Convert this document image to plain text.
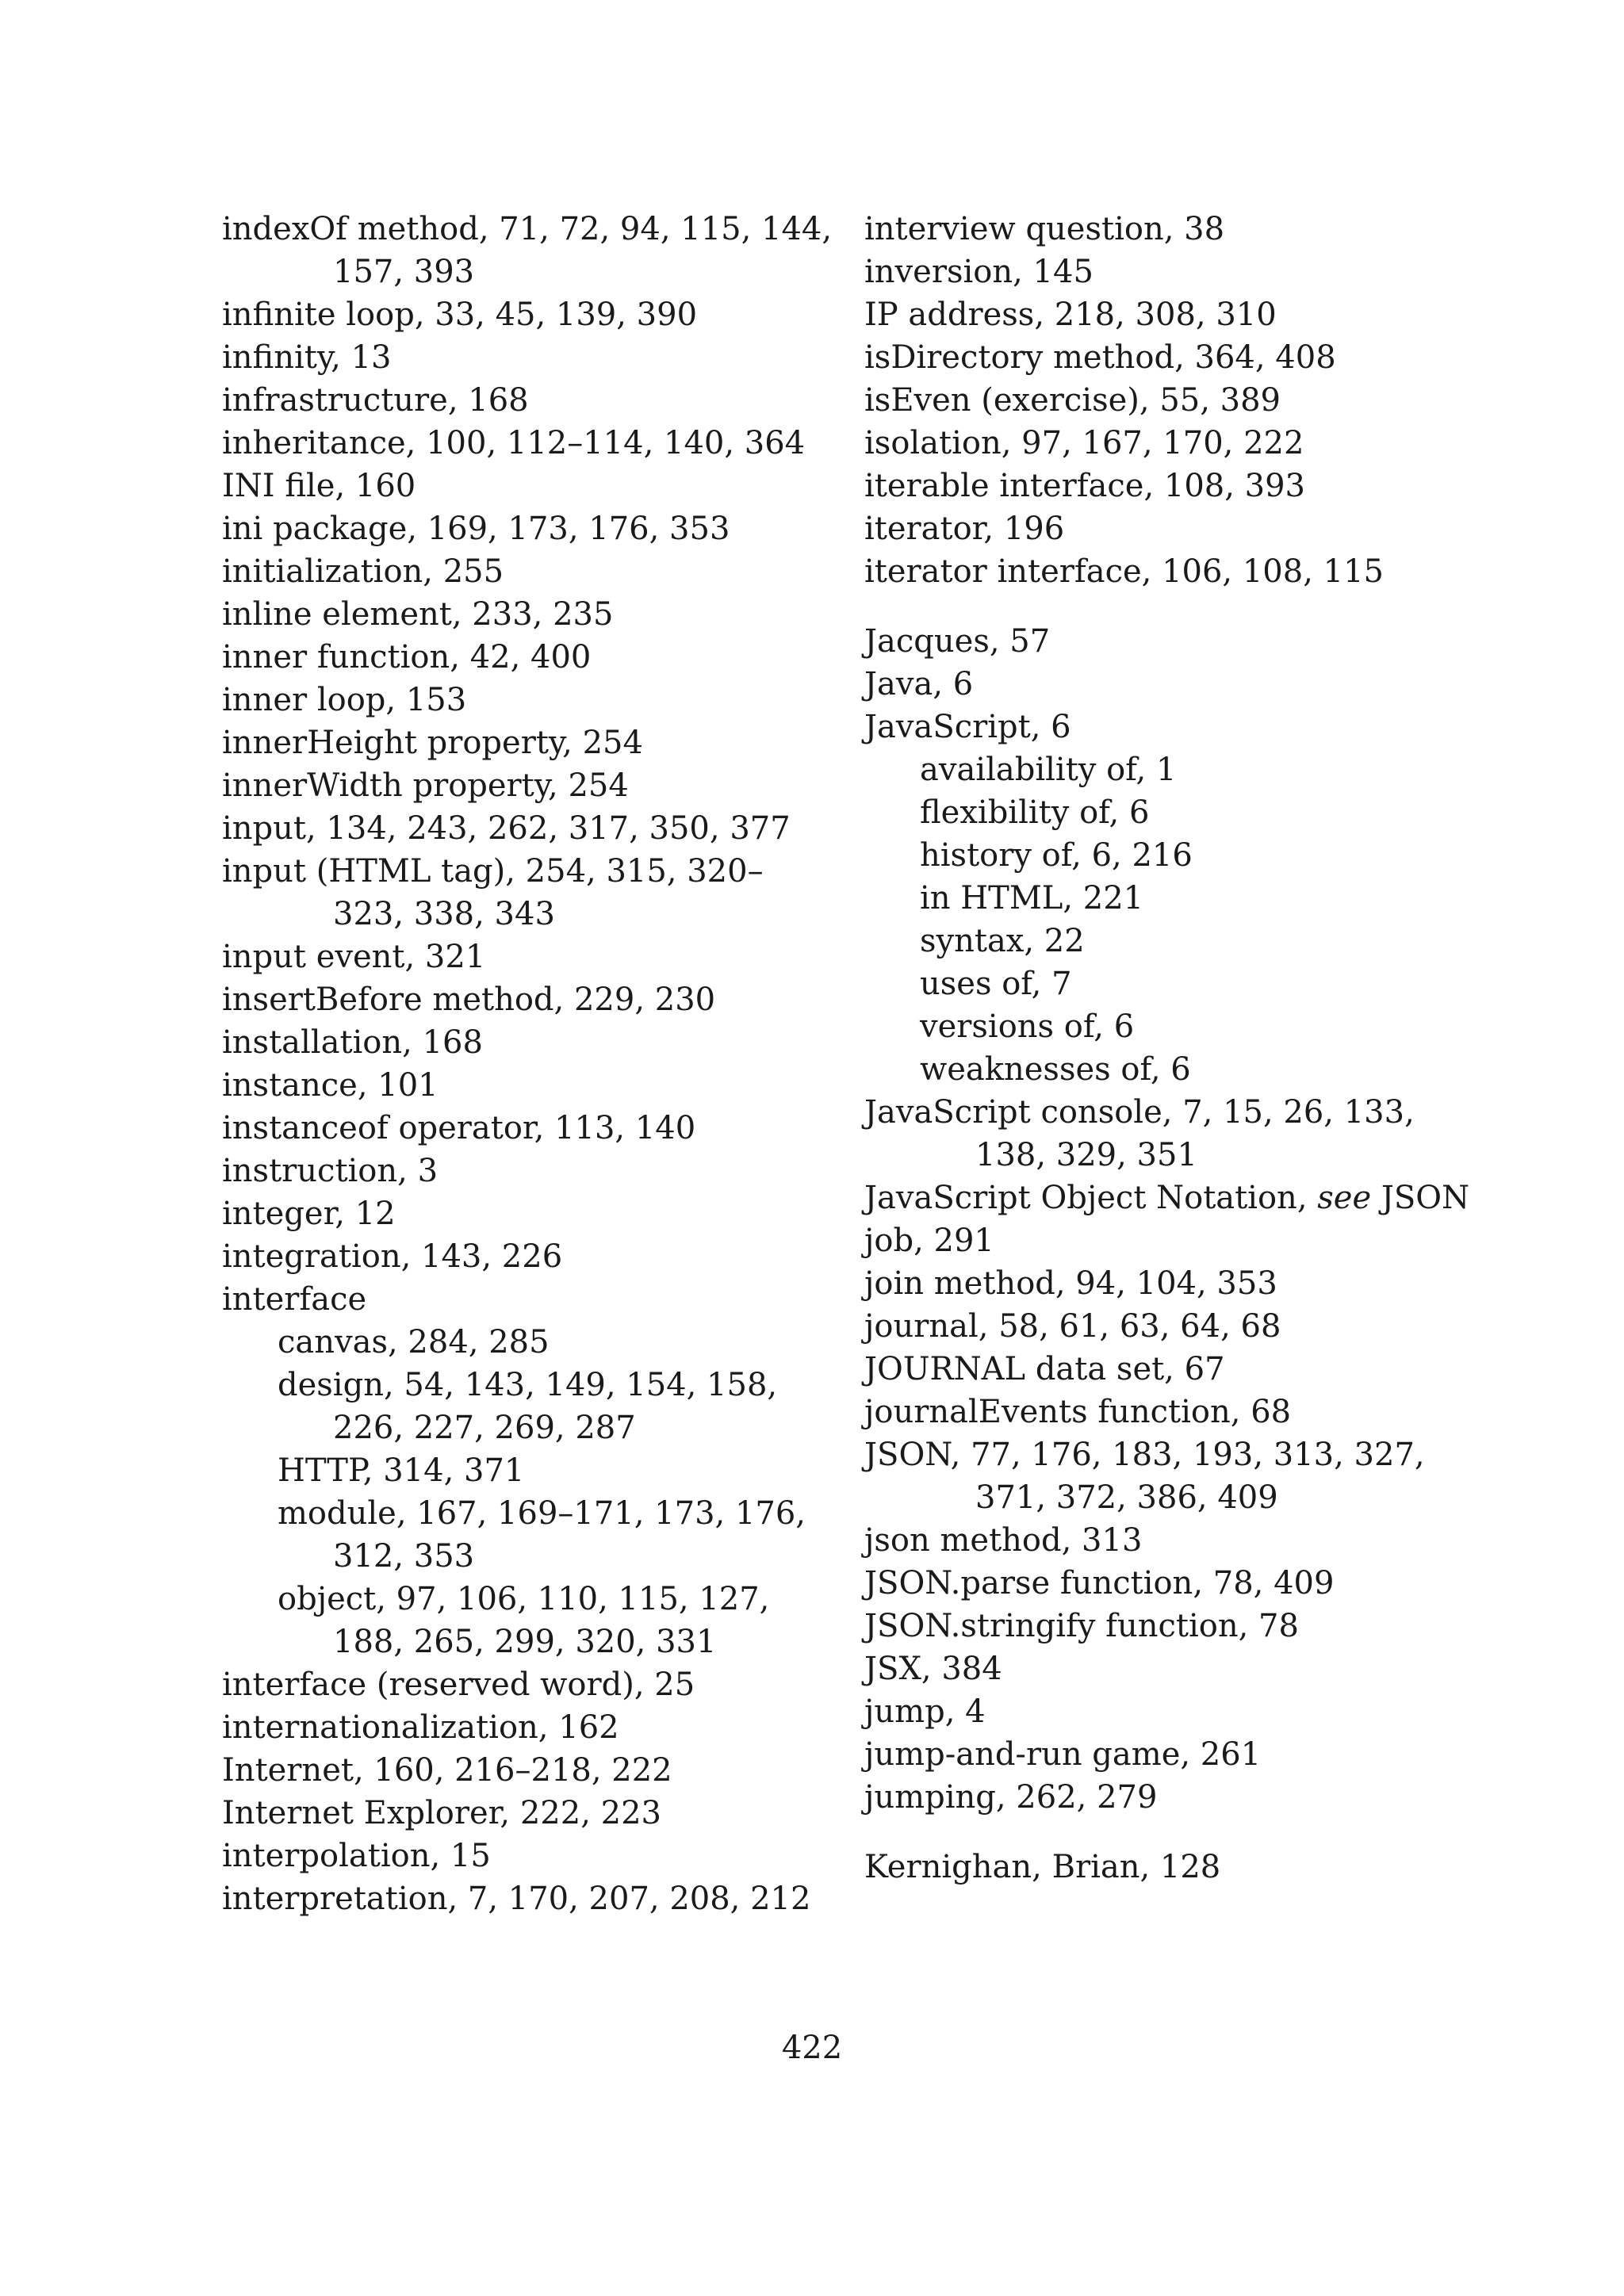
indexOf method, 71, 72, 94, 115, 144,
157, 393
infinite loop, 33, 45, 139, 390
infinity, 13
infrastructure, 168
inheritance, 100, 112–114, 140, 364
INI file, 160
ini package, 169, 173, 176, 353
initialization, 255
inline element, 233, 235
inner function, 42, 400
inner loop, 153
innerHeight property, 254
innerWidth property, 254
input, 134, 243, 262, 317, 350, 377
input (HTML tag), 254, 315, 320–
323, 338, 343
input event, 321
insertBefore method, 229, 230
installation, 168
instance, 101
instanceof operator, 113, 140
instruction, 3
integer, 12
integration, 143, 226
interface
canvas, 284, 285
design, 54, 143, 149, 154, 158,
226, 227, 269, 287
HTTP, 314, 371
module, 167, 169–171, 173, 176,
312, 353
object, 97, 106, 110, 115, 127,
188, 265, 299, 320, 331
interface (reserved word), 25
internationalization, 162
Internet, 160, 216–218, 222
Internet Explorer, 222, 223
interpolation, 15
interpretation, 7, 170, 207, 208, 212
interview question, 38
inversion, 145
IP address, 218, 308, 310
isDirectory method, 364, 408
isEven (exercise), 55, 389
isolation, 97, 167, 170, 222
iterable interface, 108, 393
iterator, 196
iterator interface, 106, 108, 115
Jacques, 57
Java, 6
JavaScript, 6
availability of, 1
flexibility of, 6
history of, 6, 216
in HTML, 221
syntax, 22
uses of, 7
versions of, 6
weaknesses of, 6
JavaScript console, 7, 15, 26, 133,
138, 329, 351
JavaScript Object Notation, see JSON
job, 291
join method, 94, 104, 353
journal, 58, 61, 63, 64, 68
JOURNAL data set, 67
journalEvents function, 68
JSON, 77, 176, 183, 193, 313, 327,
371, 372, 386, 409
json method, 313
JSON.parse function, 78, 409
JSON.stringify function, 78
JSX, 384
jump, 4
jump-and-run game, 261
jumping, 262, 279
Kernighan, Brian, 128
422
